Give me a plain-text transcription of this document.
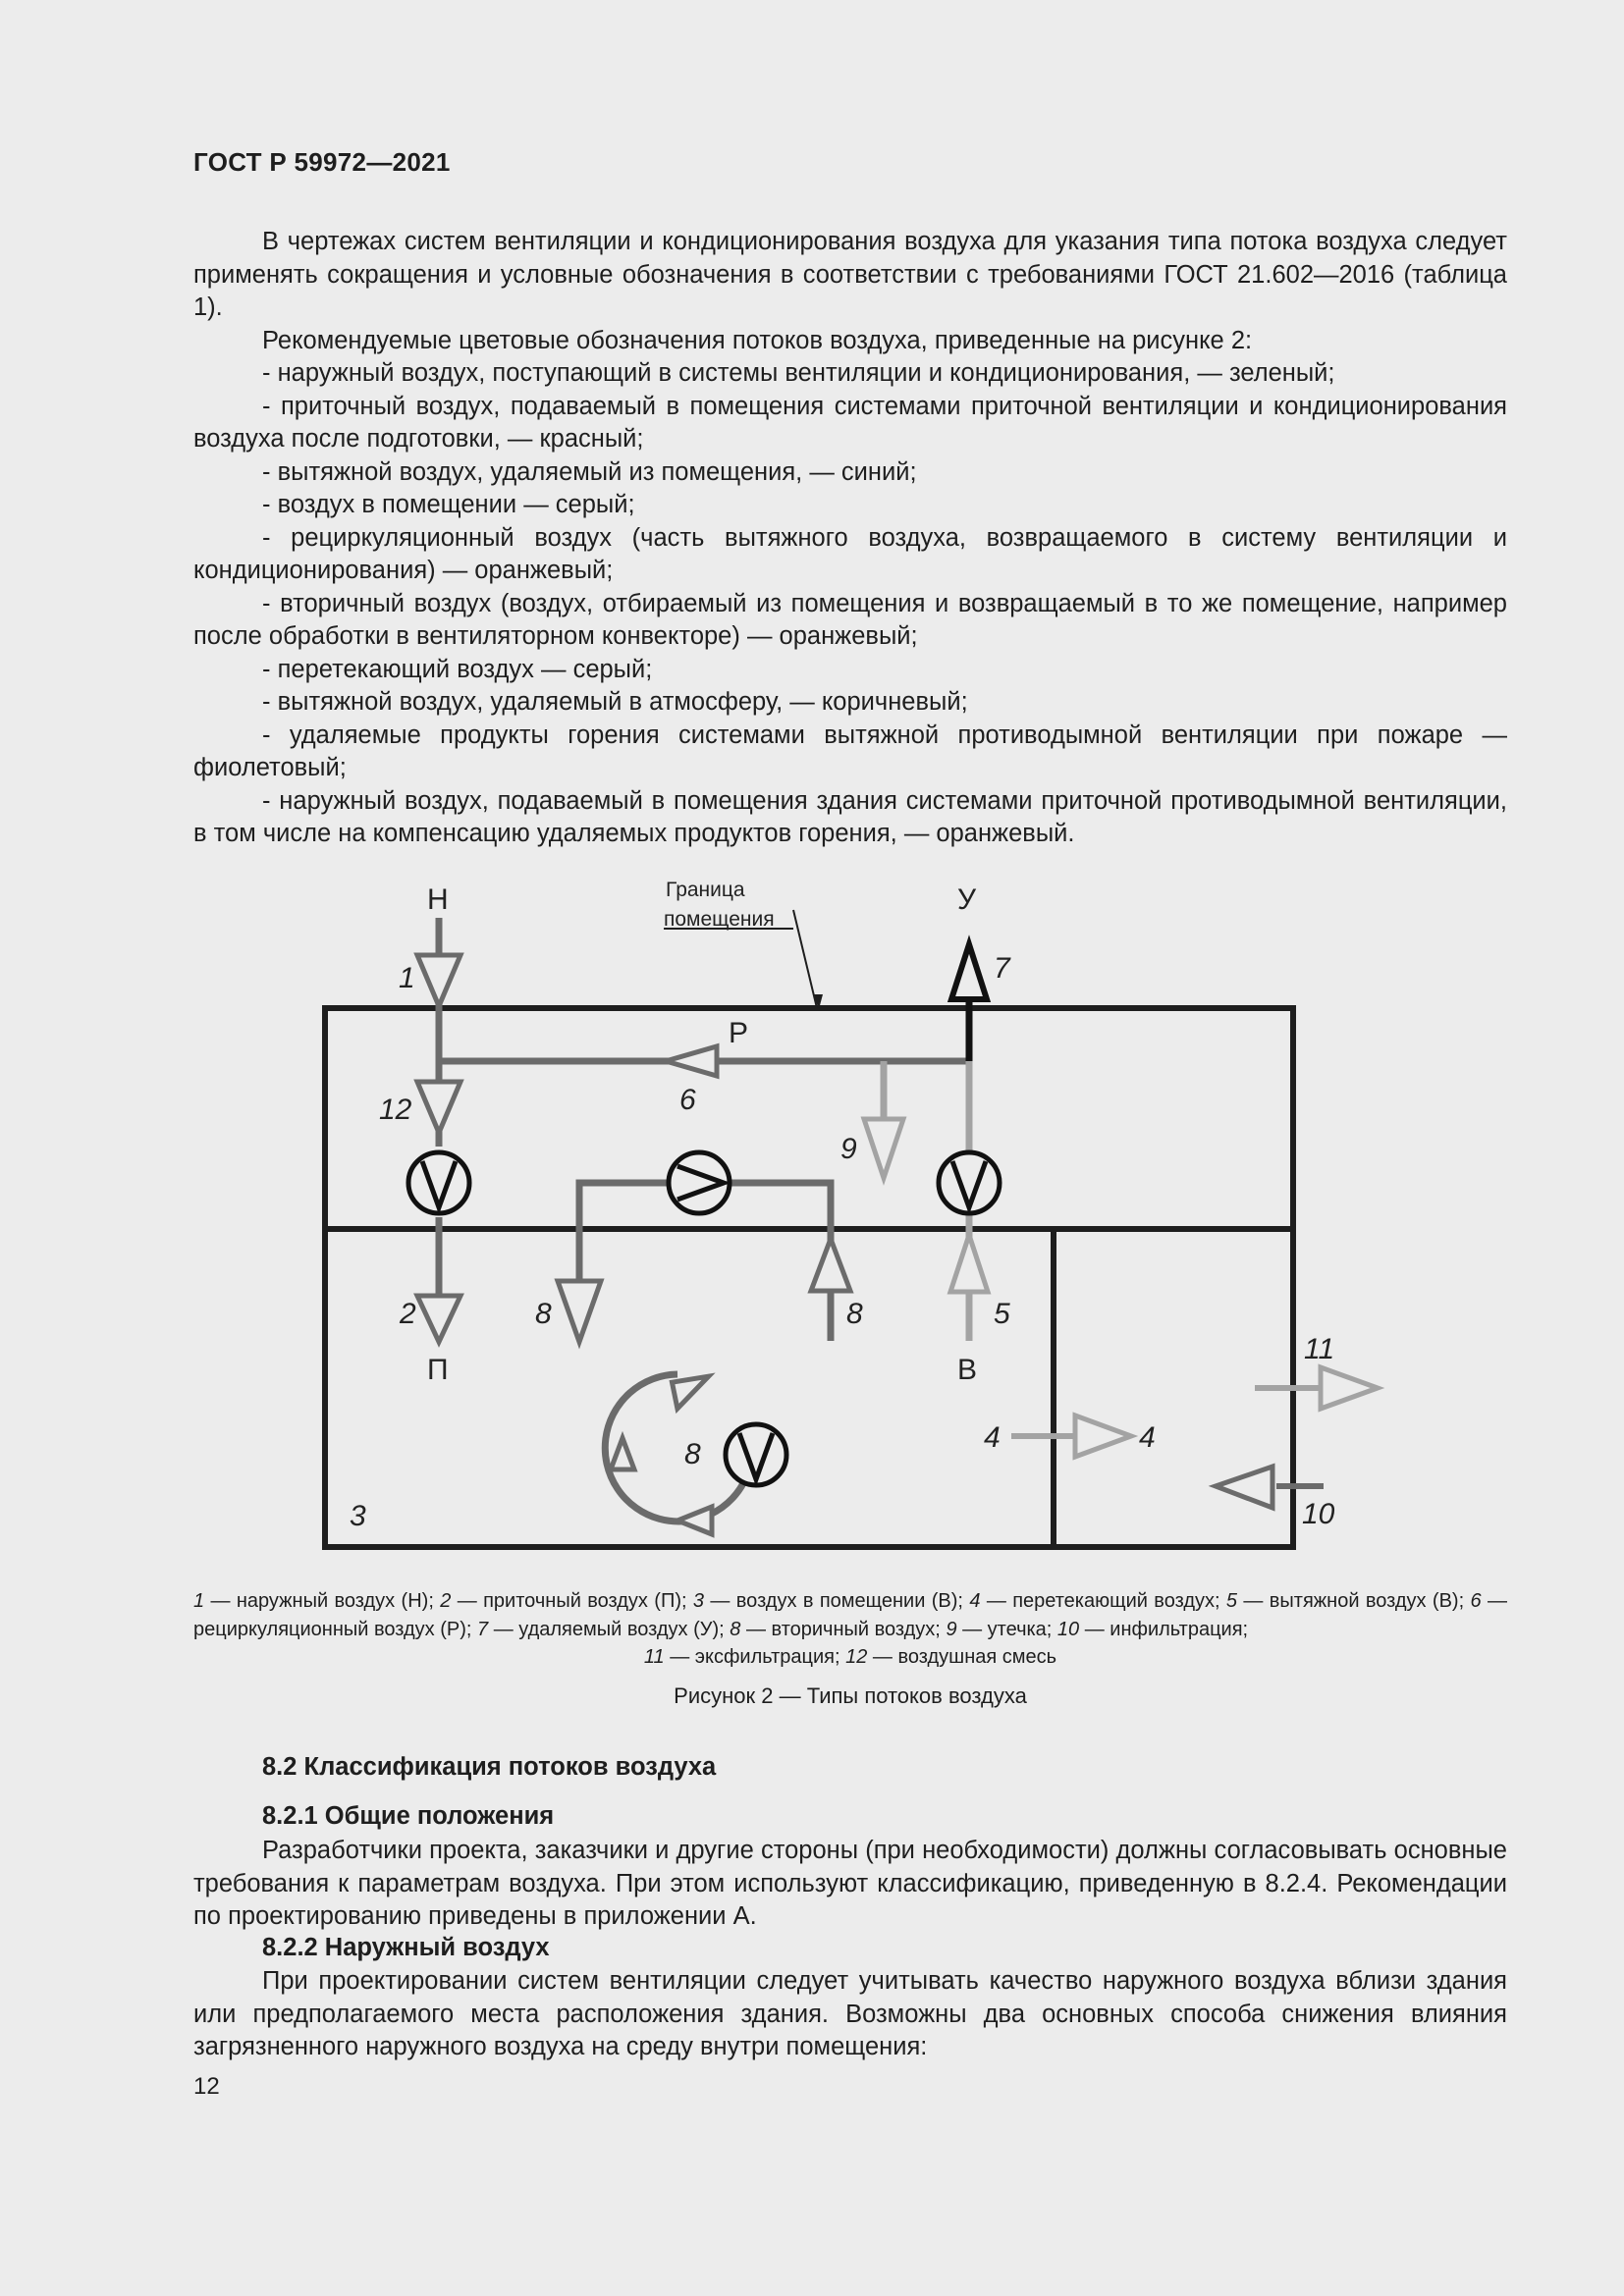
ГОСТ Р 59972—2021

В чертежах систем вентиляции и кондиционирования воздуха для указания типа потока воздуха следует применять сокращения и условные обозначения в соответствии с требованиями ГОСТ 21.602—2016 (таблица 1).

Рекомендуемые цветовые обозначения потоков воздуха, приведенные на рисунке 2:

- наружный воздух, поступающий в системы вентиляции и кондиционирования, — зеленый;

- приточный воздух, подаваемый в помещения системами приточной вентиляции и кондиционирования воздуха после подготовки, — красный;

- вытяжной воздух, удаляемый из помещения, — синий;

- воздух в помещении — серый;

- рециркуляционный воздух (часть вытяжного воздуха, возвращаемого в систему вентиляции и кондиционирования) — оранжевый;

- вторичный воздух (воздух, отбираемый из помещения и возвращаемый в то же помещение, например после обработки в вентиляторном конвекторе) — оранжевый;

- перетекающий воздух — серый;

- вытяжной воздух, удаляемый в атмосферу, — коричневый;

- удаляемые продукты горения системами вытяжной противодымной вентиляции при пожаре — фиолетовый;

- наружный воздух, подаваемый в помещения здания системами приточной противодымной вентиляции, в том числе на компенсацию удаляемых продуктов горения, — оранжевый.

Граница
помещения
Н	У
П	В
Р
1	7
12	6
9
2	8	8	5
11
4	4
8
3	10
1 — наружный воздух (Н); 2 — приточный воздух (П); 3 — воздух в помещении (В); 4 — перетекающий воздух; 5 — вытяжной воздух (В); 6 — рециркуляционный воздух (Р); 7 — удаляемый воздух (У); 8 — вторичный воздух; 9 — утечка; 10 — инфильтрация;
11 — эксфильтрация; 12 — воздушная смесь
Рисунок 2 — Типы потоков воздуха
8.2 Классификация потоков воздуха
8.2.1 Общие положения

Разработчики проекта, заказчики и другие стороны (при необходимости) должны согласовывать основные требования к параметрам воздуха. При этом используют классификацию, приведенную в 8.2.4. Рекомендации по проектированию приведены в приложении А.

8.2.2 Наружный воздух

При проектировании систем вентиляции следует учитывать качество наружного воздуха вблизи здания или предполагаемого места расположения здания. Возможны два основных способа снижения влияния загрязненного наружного воздуха на среду внутри помещения:

12
